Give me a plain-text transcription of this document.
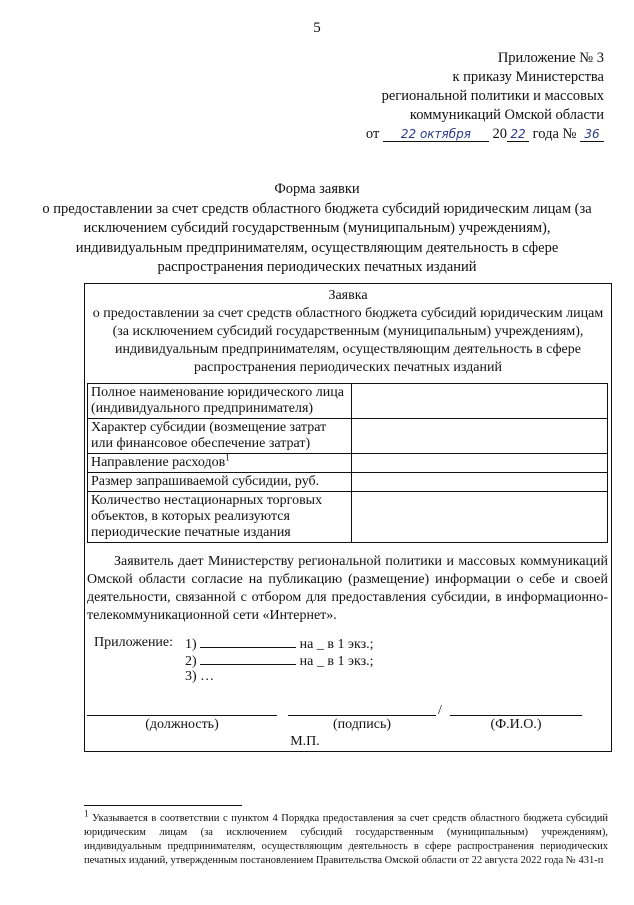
5
Приложение № 3
к приказу Министерства
региональной политики и массовых
коммуникаций Омской области
от 22 октября 20 22 года № 36
Форма заявки
о предоставлении за счет средств областного бюджета субсидий юридическим лицам (за исключением субсидий государственным (муниципальным) учреждениям), индивидуальным предпринимателям, осуществляющим деятельность в сфере распространения периодических печатных изданий
Заявка
о предоставлении за счет средств областного бюджета субсидий юридическим лицам (за исключением субсидий государственным (муниципальным) учреждениям), индивидуальным предпринимателям, осуществляющим деятельность в сфере распространения периодических печатных изданий
Полное наименование юридического лица (индивидуального предпринимателя)	
Характер субсидии (возмещение затрат или финансовое обеспечение затрат)	
Направление расходов$^1$	
Размер запрашиваемой субсидии, руб.	
Количество нестационарных торговых объектов, в которых реализуются периодические печатные издания	
Заявитель дает Министерству региональной политики и массовых коммуникаций Омской области согласие на публикацию (размещение) информации о себе и своей деятельности, связанной с отбором для предоставления субсидии, в информационно-телекоммуникационной сети «Интернет».
Приложение: 1)	на _ в 1 экз.;
2)	на _ в 1 экз.;
3) …
/
(должность)	(подпись)	(Ф.И.О.)
М.П.
$^1$ Указывается в соответствии с пунктом 4 Порядка предоставления за счет средств областного бюджета субсидий юридическим лицам (за исключением субсидий государственным (муниципальным) учреждениям), индивидуальным предпринимателям, осуществляющим деятельность в сфере распространения периодических печатных изданий, утвержденным постановлением Правительства Омской области от 22 августа 2022 года № 431-п
